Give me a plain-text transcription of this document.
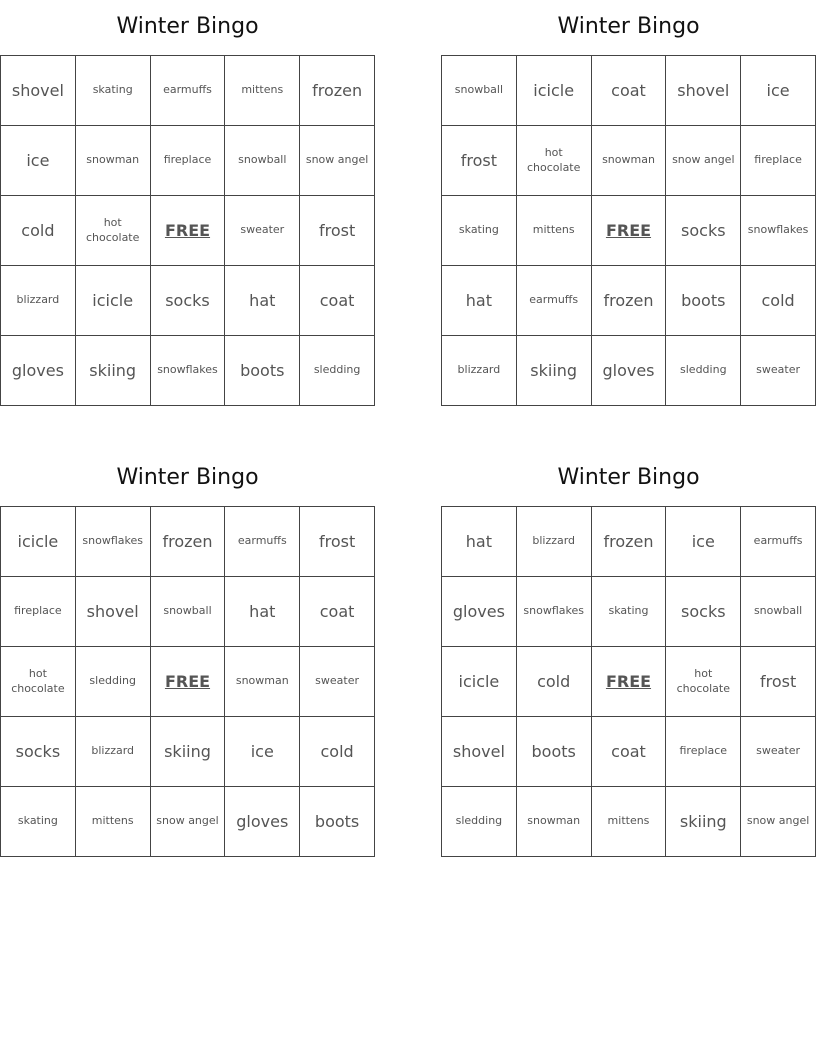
Winter Bingo
shovel	skating	earmuffs	mittens	frozen
ice	snowman	fireplace	snowball	snow angel
cold	hot chocolate	FREE	sweater	frost
blizzard	icicle	socks	hat	coat
gloves	skiing	snowflakes	boots	sledding
Winter Bingo
snowball	icicle	coat	shovel	ice
frost	hot chocolate	snowman	snow angel	fireplace
skating	mittens	FREE	socks	snowflakes
hat	earmuffs	frozen	boots	cold
blizzard	skiing	gloves	sledding	sweater
Winter Bingo
icicle	snowflakes	frozen	earmuffs	frost
fireplace	shovel	snowball	hat	coat
hot chocolate	sledding	FREE	snowman	sweater
socks	blizzard	skiing	ice	cold
skating	mittens	snow angel	gloves	boots
Winter Bingo
hat	blizzard	frozen	ice	earmuffs
gloves	snowflakes	skating	socks	snowball
icicle	cold	FREE	hot chocolate	frost
shovel	boots	coat	fireplace	sweater
sledding	snowman	mittens	skiing	snow angel
